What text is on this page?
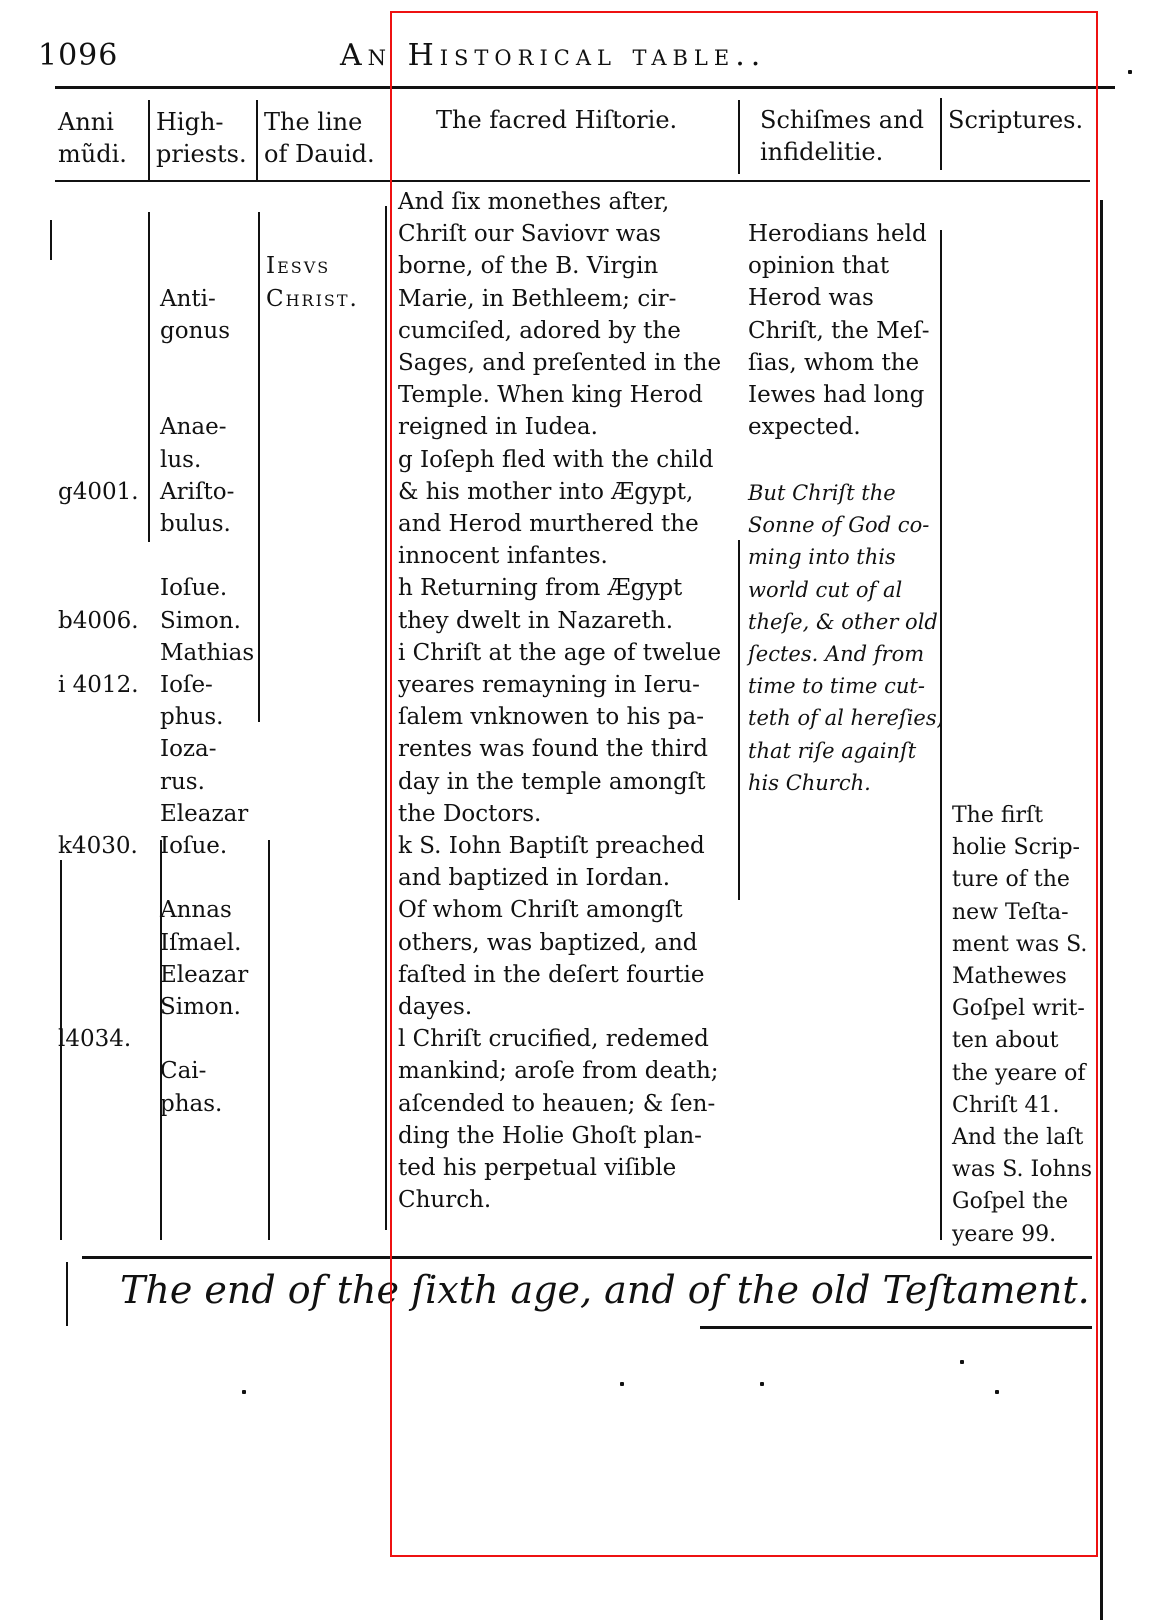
1096	An Historical table..
Anni
mũdi.
High-
priests.
The line
of Dauid.
The facred Hiſtorie.	Schiſmes and
infidelitie.
Scriptures.
g4001.
b4006.
i 4012.
k4030.
l4034.
Anti-
gonus
Anae-
lus.
Ariſto-
bulus.
Ioſue.
Simon.
Mathias
Ioſe-
phus.
Ioza-
rus.
Eleazar
Ioſue.
Annas
Iſmael.
Eleazar
Simon.
Cai-
phas.
Iesvs
Christ.
And ſix monethes after,
Chriſt our Saviovr was
borne, of the B. Virgin
Marie, in Bethleem; cir-
cumciſed, adored by the
Sages, and preſented in the
Temple. When king Herod
reigned in Iudea.
g Ioſeph fled with the child
& his mother into Ægypt,
and Herod murthered the
innocent infantes.
h Returning from Ægypt
they dwelt in Nazareth.
i Chriſt at the age of twelue
yeares remayning in Ieru-
ſalem vnknowen to his pa-
rentes was found the third
day in the temple amongſt
the Doctors.
k S. Iohn Baptiſt preached
and baptized in Iordan.
Of whom Chriſt amongſt
others, was baptized, and
faſted in the deſert fourtie
dayes.
l Chriſt crucified, redemed
mankind; aroſe from death;
aſcended to heauen; & ſen-
ding the Holie Ghoſt plan-
ted his perpetual viſible
Church.
Herodians held
opinion that
Herod was
Chriſt, the Meſ-
ſias, whom the
Iewes had long
expected.
But Chriſt the
Sonne of God co-
ming into this
world cut of al
theſe, & other old
ſectes. And from
time to time cut-
teth of al hereſies,
that riſe againſt
his Church.
The firſt
holie Scrip-
ture of the
new Teſta-
ment was S.
Mathewes
Goſpel writ-
ten about
the yeare of
Chriſt 41.
And the laſt
was S. Iohns
Goſpel the
yeare 99.
The end of the ſixth age, and of the old Teſtament.
